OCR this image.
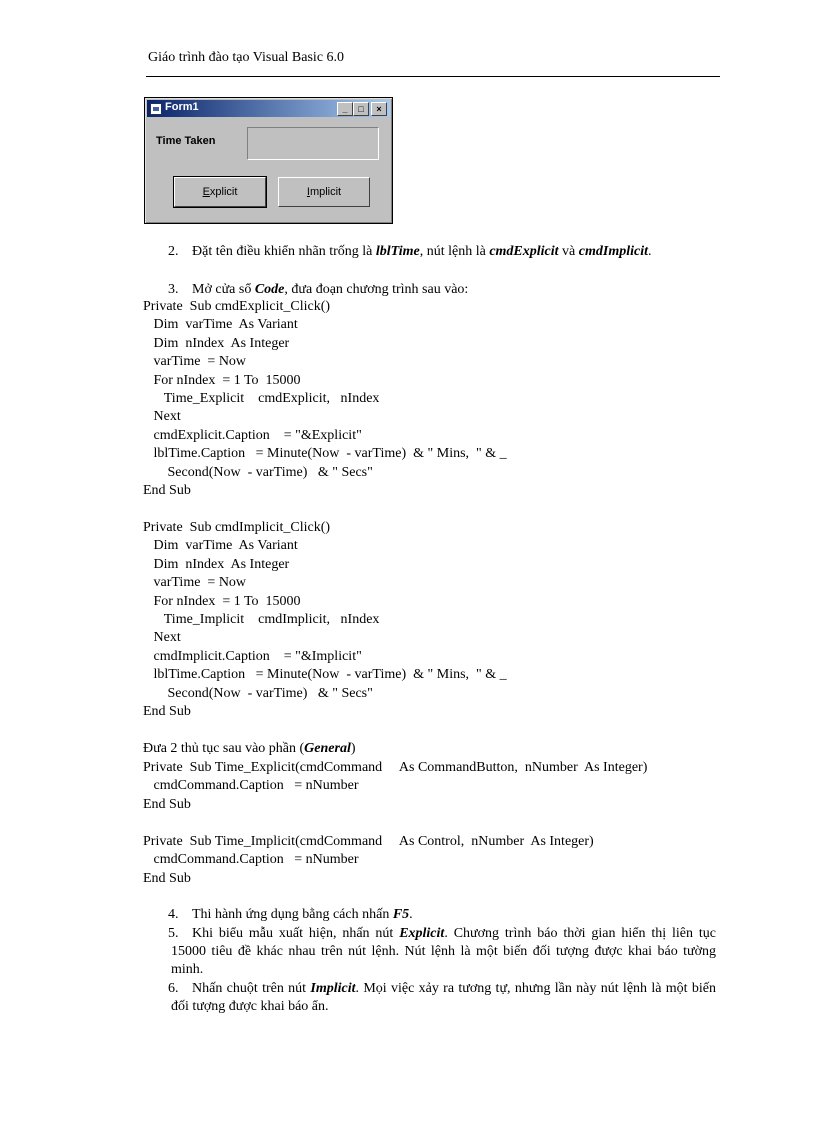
Giáo trình đào tạo Visual Basic 6.0
Form1	_	□	×
Time Taken
Explicit	Implicit
2. Đặt tên điều khiển nhãn trống là lblTime, nút lệnh là cmdExplicit và cmdImplicit.
3. Mở cửa sổ Code, đưa đoạn chương trình sau vào:
Private  Sub cmdExplicit_Click()
Dim  varTime  As Variant
Dim  nIndex  As Integer
varTime  = Now
For nIndex  = 1 To  15000
Time_Explicit    cmdExplicit,   nIndex
Next
cmdExplicit.Caption    = "&Explicit"
lblTime.Caption   = Minute(Now  - varTime)  & " Mins,  " & _
Second(Now  - varTime)   & " Secs"
End Sub
Private  Sub cmdImplicit_Click()
Dim  varTime  As Variant
Dim  nIndex  As Integer
varTime  = Now
For nIndex  = 1 To  15000
Time_Implicit    cmdImplicit,   nIndex
Next
cmdImplicit.Caption    = "&Implicit"
lblTime.Caption   = Minute(Now  - varTime)  & " Mins,  " & _
Second(Now  - varTime)   & " Secs"
End Sub
Đưa 2 thủ tục sau vào phần (General)
Private  Sub Time_Explicit(cmdCommand     As CommandButton,  nNumber  As Integer)
cmdCommand.Caption   = nNumber
End Sub
Private  Sub Time_Implicit(cmdCommand     As Control,  nNumber  As Integer)
cmdCommand.Caption   = nNumber
End Sub
4. Thi hành ứng dụng bằng cách nhấn F5.
5. Khi biểu mẫu xuất hiện, nhấn nút Explicit. Chương trình báo thời gian hiển thị liên tục 15000 tiêu đề khác nhau trên nút lệnh. Nút lệnh là một biến đối tượng được khai báo tường minh.
6. Nhấn chuột trên nút Implicit. Mọi việc xảy ra tương tự, nhưng lần này nút lệnh là một biến đối tượng được khai báo ẩn.
